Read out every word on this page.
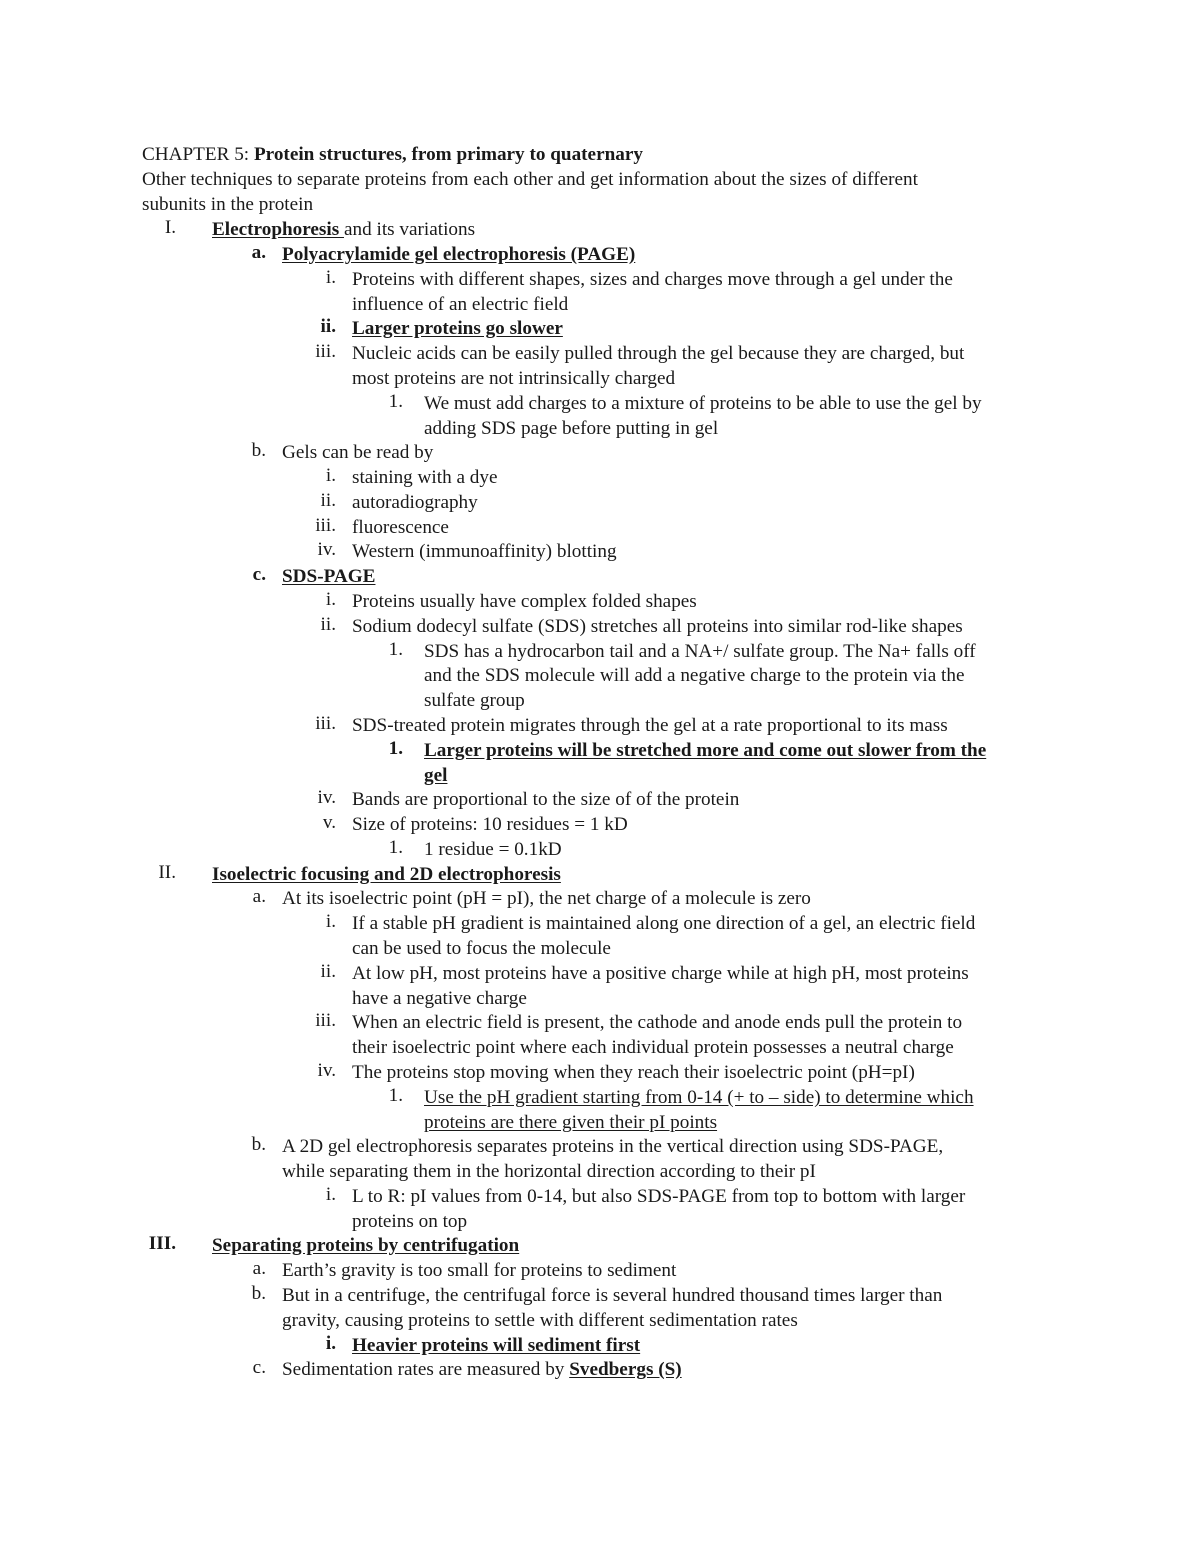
CHAPTER 5: Protein structures, from primary to quaternary
Other techniques to separate proteins from each other and get information about the sizes of different
subunits in the protein
I. Electrophoresis and its variations
a. Polyacrylamide gel electrophoresis (PAGE)
i. Proteins with different shapes, sizes and charges move through a gel under the
influence of an electric field
ii. Larger proteins go slower
iii. Nucleic acids can be easily pulled through the gel because they are charged, but
most proteins are not intrinsically charged
1. We must add charges to a mixture of proteins to be able to use the gel by
adding SDS page before putting in gel
b. Gels can be read by
i. staining with a dye
ii. autoradiography
iii. fluorescence
iv. Western (immunoaffinity) blotting
c. SDS-PAGE
i. Proteins usually have complex folded shapes
ii. Sodium dodecyl sulfate (SDS) stretches all proteins into similar rod-like shapes
1. SDS has a hydrocarbon tail and a NA+/ sulfate group. The Na+ falls off
and the SDS molecule will add a negative charge to the protein via the
sulfate group
iii. SDS-treated protein migrates through the gel at a rate proportional to its mass
1. Larger proteins will be stretched more and come out slower from the
gel
iv. Bands are proportional to the size of of the protein
v. Size of proteins: 10 residues = 1 kD
1. 1 residue = 0.1kD
II. Isoelectric focusing and 2D electrophoresis
a. At its isoelectric point (pH = pI), the net charge of a molecule is zero
i. If a stable pH gradient is maintained along one direction of a gel, an electric field
can be used to focus the molecule
ii. At low pH, most proteins have a positive charge while at high pH, most proteins
have a negative charge
iii. When an electric field is present, the cathode and anode ends pull the protein to
their isoelectric point where each individual protein possesses a neutral charge
iv. The proteins stop moving when they reach their isoelectric point (pH=pI)
1. Use the pH gradient starting from 0-14 (+ to – side) to determine which
proteins are there given their pI points
b. A 2D gel electrophoresis separates proteins in the vertical direction using SDS-PAGE,
while separating them in the horizontal direction according to their pI
i. L to R: pI values from 0-14, but also SDS-PAGE from top to bottom with larger
proteins on top
III. Separating proteins by centrifugation
a. Earth’s gravity is too small for proteins to sediment
b. But in a centrifuge, the centrifugal force is several hundred thousand times larger than
gravity, causing proteins to settle with different sedimentation rates
i. Heavier proteins will sediment first
c. Sedimentation rates are measured by Svedbergs (S)
